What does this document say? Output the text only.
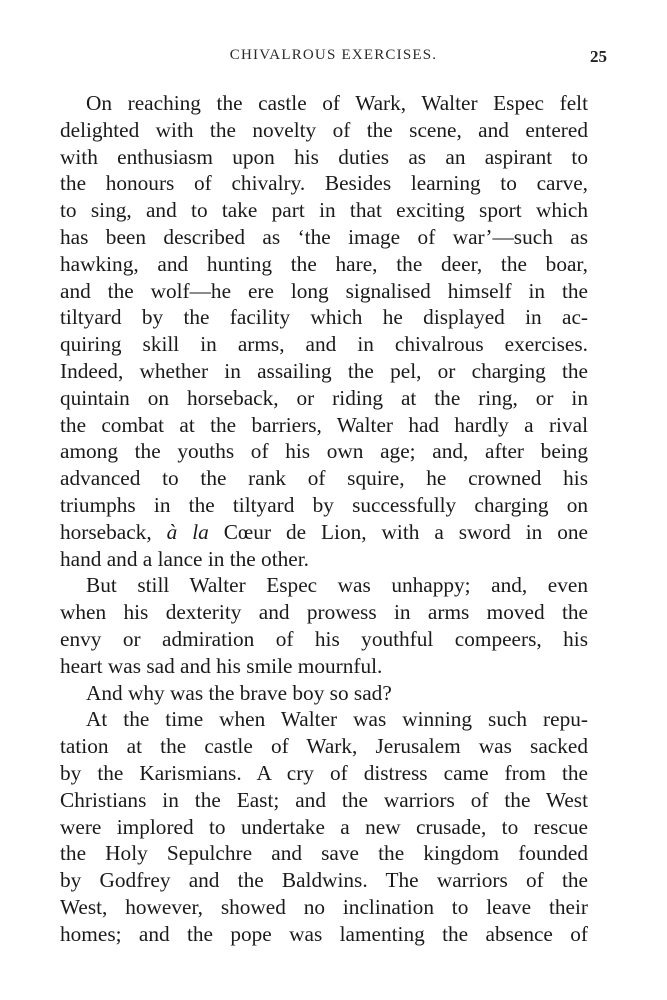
CHIVALROUS EXERCISES.	25
On reaching the castle of Wark, Walter Espec felt
delighted with the novelty of the scene, and entered
with enthusiasm upon his duties as an aspirant to
the honours of chivalry. Besides learning to carve,
to sing, and to take part in that exciting sport which
has been described as ‘the image of war’—such as
hawking, and hunting the hare, the deer, the boar,
and the wolf—he ere long signalised himself in the
tiltyard by the facility which he displayed in ac-
quiring skill in arms, and in chivalrous exercises.
Indeed, whether in assailing the pel, or charging the
quintain on horseback, or riding at the ring, or in
the combat at the barriers, Walter had hardly a rival
among the youths of his own age; and, after being
advanced to the rank of squire, he crowned his
triumphs in the tiltyard by successfully charging on
horseback, à la Cœur de Lion, with a sword in one
hand and a lance in the other.
But still Walter Espec was unhappy; and, even
when his dexterity and prowess in arms moved the
envy or admiration of his youthful compeers, his
heart was sad and his smile mournful.
And why was the brave boy so sad?
At the time when Walter was winning such repu-
tation at the castle of Wark, Jerusalem was sacked
by the Karismians. A cry of distress came from the
Christians in the East; and the warriors of the West
were implored to undertake a new crusade, to rescue
the Holy Sepulchre and save the kingdom founded
by Godfrey and the Baldwins. The warriors of the
West, however, showed no inclination to leave their
homes; and the pope was lamenting the absence of
